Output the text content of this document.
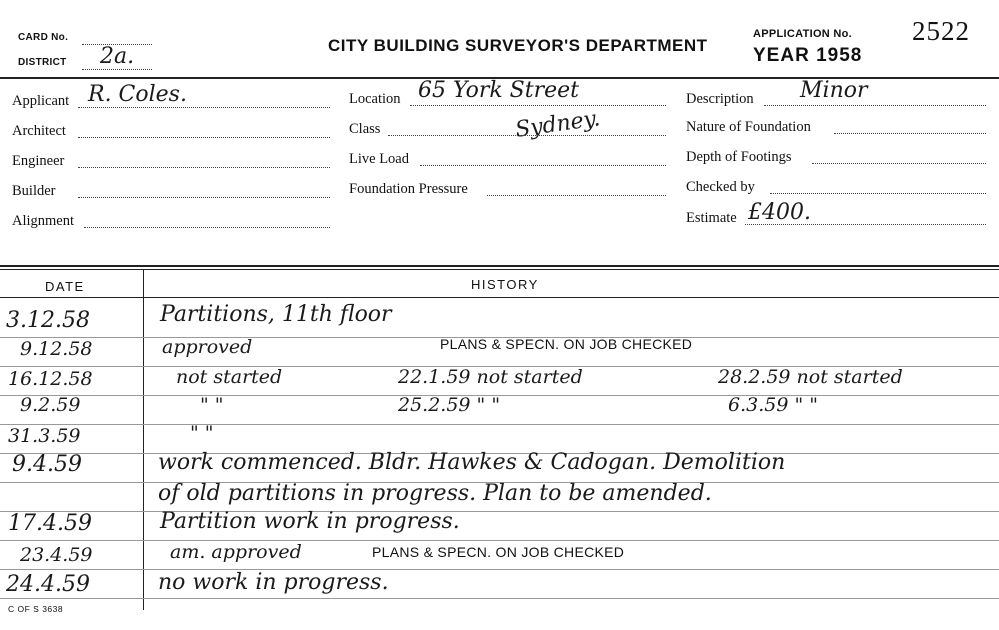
CARD No.
DISTRICT 2a.	CITY BUILDING SURVEYOR'S DEPARTMENT
APPLICATION No. 2522
YEAR 1958
Applicant R. Coles.
Architect
Engineer
Builder
Alignment
Location 65 York Street
Sydney.
Class
Live Load
Foundation Pressure
Description Minor
Nature of Foundation
Depth of Footings
Checked by
Estimate £400.
DATE	HISTORY
3.12.58	Partitions, 11th floor
9.12.58	approved	PLANS & SPECN. ON JOB CHECKED
16.12.58	not started	22.1.59 not started	28.2.59 not started
9.2.59	" "	25.2.59 " "	6.3.59 " "
31.3.59	" "
9.4.59	work commenced. Bldr. Hawkes & Cadogan. Demolition
of old partitions in progress. Plan to be amended.
17.4.59	Partition work in progress.
23.4.59	am. approved	PLANS & SPECN. ON JOB CHECKED
24.4.59	no work in progress.
C OF S 3638
